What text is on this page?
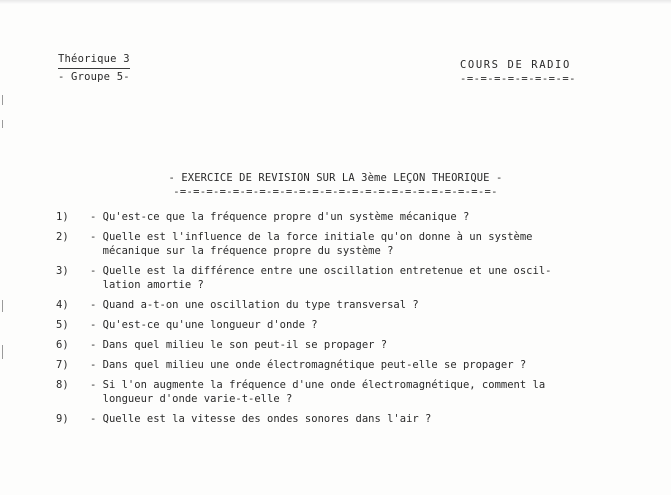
Théorique 3
- Groupe 5-
COURS DE RADIO
-=-=-=-=-=-=-=-=-
- EXERCICE DE REVISION SUR LA 3ème LEÇON THEORIQUE -
-=-=-=-=-=-=-=-=-=-=-=-=-=-=-=-=-=-=-=-=-=-=-=-=-
1)	- Qu'est-ce que la fréquence propre d'un système mécanique ?
2)	- Quelle est l'influence de la force initiale qu'on donne à un système
mécanique sur la fréquence propre du système ?
3)	- Quelle est la différence entre une oscillation entretenue et une oscil-
lation amortie ?
4)	- Quand a-t-on une oscillation du type transversal ?
5)	- Qu'est-ce qu'une longueur d'onde ?
6)	- Dans quel milieu le son peut-il se propager ?
7)	- Dans quel milieu une onde électromagnétique peut-elle se propager ?
8)	- Si l'on augmente la fréquence d'une onde électromagnétique, comment la
longueur d'onde varie-t-elle ?
9)	- Quelle est la vitesse des ondes sonores dans l'air ?
